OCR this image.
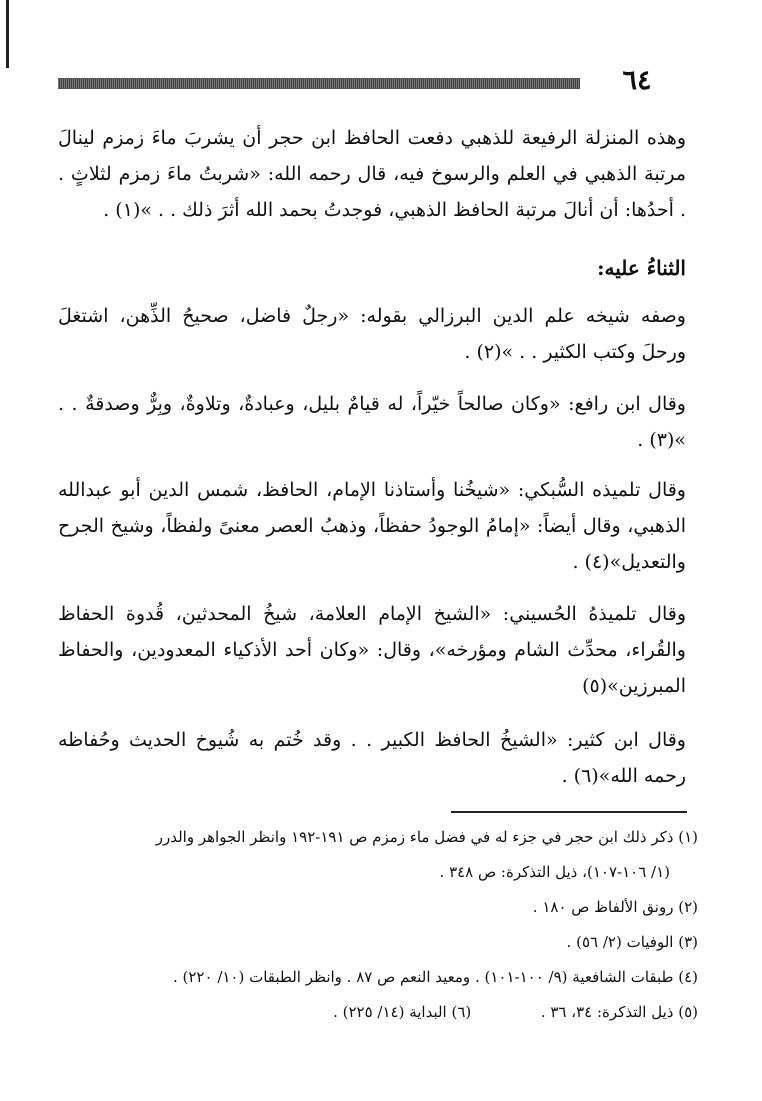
٦٤

وهذه المنزلة الرفيعة للذهبي دفعت الحافظ ابن حجر أن يشربَ ماءَ زمزم لينالَ مرتبة الذهبي في العلم والرسوخ فيه، قال رحمه الله: «شربتُ ماءَ زمزم لثلاثٍ . . أحدُها: أن أنالَ مرتبة الحافظ الذهبي، فوجدتُ بحمد الله أثرَ ذلك . . »(١) .

الثناءُ عليه:

وصفه شيخه علم الدين البرزالي بقوله: «رجلٌ فاضل، صحيحُ الذِّهن، اشتغلَ ورحلَ وكتب الكثير . . »(٢) .

وقال ابن رافع: «وكان صالحاً خيّراً، له قيامٌ بليل، وعبادةٌ، وتلاوةٌ، وبِرٌّ وصدقةٌ . . »(٣) .

وقال تلميذه السُّبكي: «شيخُنا وأستاذنا الإمام، الحافظ، شمس الدين أبو عبدالله الذهبي، وقال أيضاً: «إمامُ الوجودُ حفظاً، وذهبُ العصر معنىً ولفظاً، وشيخ الجرح والتعديل»(٤) .

وقال تلميذهُ الحُسيني: «الشيخ الإمام العلامة، شيخُ المحدثين، قُدوة الحفاظ والقُراء، محدِّث الشام ومؤرخه»، وقال: «وكان أحد الأذكياء المعدودين، والحفاظ المبرزين»(٥)

وقال ابن كثير: «الشيخُ الحافظ الكبير . . وقد خُتم به شُيوخ الحديث وحُفاظه رحمه الله»(٦) .

(١) ذكر ذلك ابن حجر في جزء له في فضل ماء زمزم ص ١٩١-١٩٢ وانظر الجواهر والدرر
(١/ ١٠٦-١٠٧)، ذيل التذكرة: ص ٣٤٨ .
(٢) رونق الألفاظ ص ١٨٠ .
(٣) الوفيات (٢/ ٥٦) .
(٤) طبقات الشافعية (٩/ ١٠٠-١٠١) . ومعيد النعم ص ٨٧ . وانظر الطبقات (١٠/ ٢٢٠) .
(٥) ذيل التذكرة: ٣٤، ٣٦ .  (٦) البداية (١٤/ ٢٢٥) .
